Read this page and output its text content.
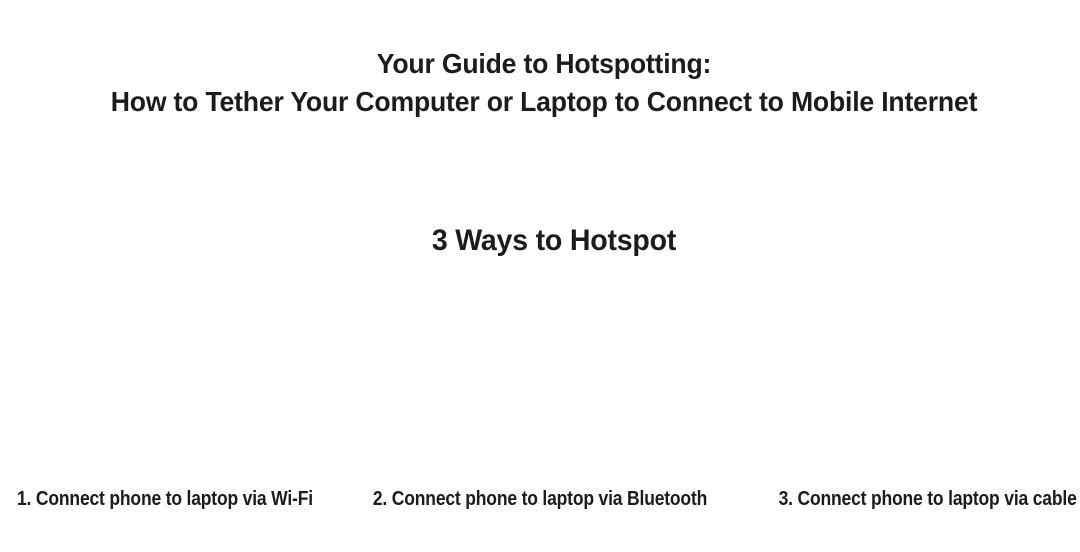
Your Guide to Hotspotting:
How to Tether Your Computer or Laptop to Connect to Mobile Internet
3 Ways to Hotspot

1. Connect phone to laptop via Wi-Fi	2. Connect phone to laptop via Bluetooth	3. Connect phone to laptop via cable
